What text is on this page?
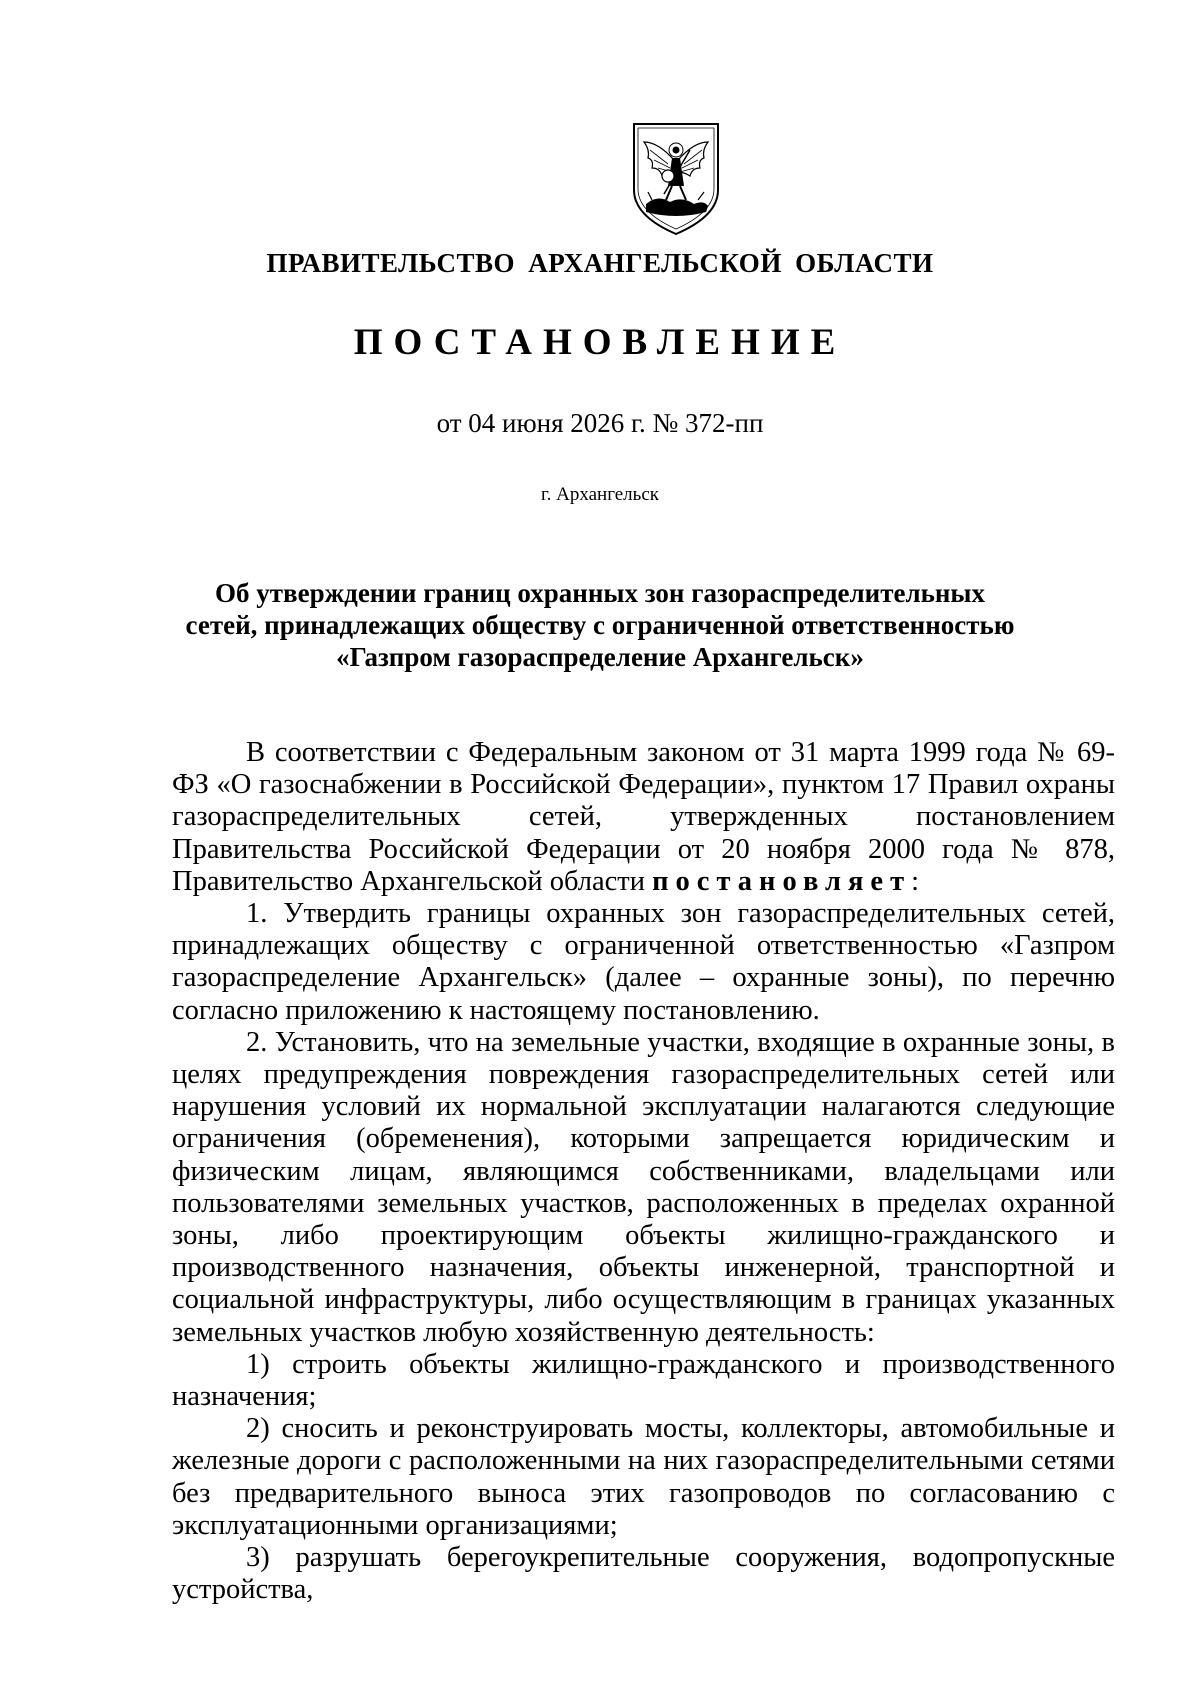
ПРАВИТЕЛЬСТВО АРХАНГЕЛЬСКОЙ ОБЛАСТИ
ПОСТАНОВЛЕНИЕ
от 04 июня 2026 г. № 372-пп
г. Архангельск
Об утверждении границ охранных зон газораспределительных
сетей, принадлежащих обществу с ограниченной ответственностью
«Газпром газораспределение Архангельск»

В соответствии с Федеральным законом от 31 марта 1999 года № 69-ФЗ «О газоснабжении в Российской Федерации», пунктом 17 Правил охраны газораспределительных сетей, утвержденных постановлением Правительства Российской Федерации от 20 ноября 2000 года № 878, Правительство Архангельской области постановляет:

1. Утвердить границы охранных зон газораспределительных сетей, принадлежащих обществу с ограниченной ответственностью «Газпром газораспределение Архангельск» (далее – охранные зоны), по перечню согласно приложению к настоящему постановлению.

2. Установить, что на земельные участки, входящие в охранные зоны, в целях предупреждения повреждения газораспределительных сетей или нарушения условий их нормальной эксплуатации налагаются следующие ограничения (обременения), которыми запрещается юридическим и физическим лицам, являющимся собственниками, владельцами или пользователями земельных участков, расположенных в пределах охранной зоны, либо проектирующим объекты жилищно-гражданского и производственного назначения, объекты инженерной, транспортной и социальной инфраструктуры, либо осуществляющим в границах указанных земельных участков любую хозяйственную деятельность:

1) строить объекты жилищно-гражданского и производственного назначения;

2) сносить и реконструировать мосты, коллекторы, автомобильные и железные дороги с расположенными на них газораспределительными сетями без предварительного выноса этих газопроводов по согласованию с эксплуатационными организациями;

3) разрушать берегоукрепительные сооружения, водопропускные устройства,
